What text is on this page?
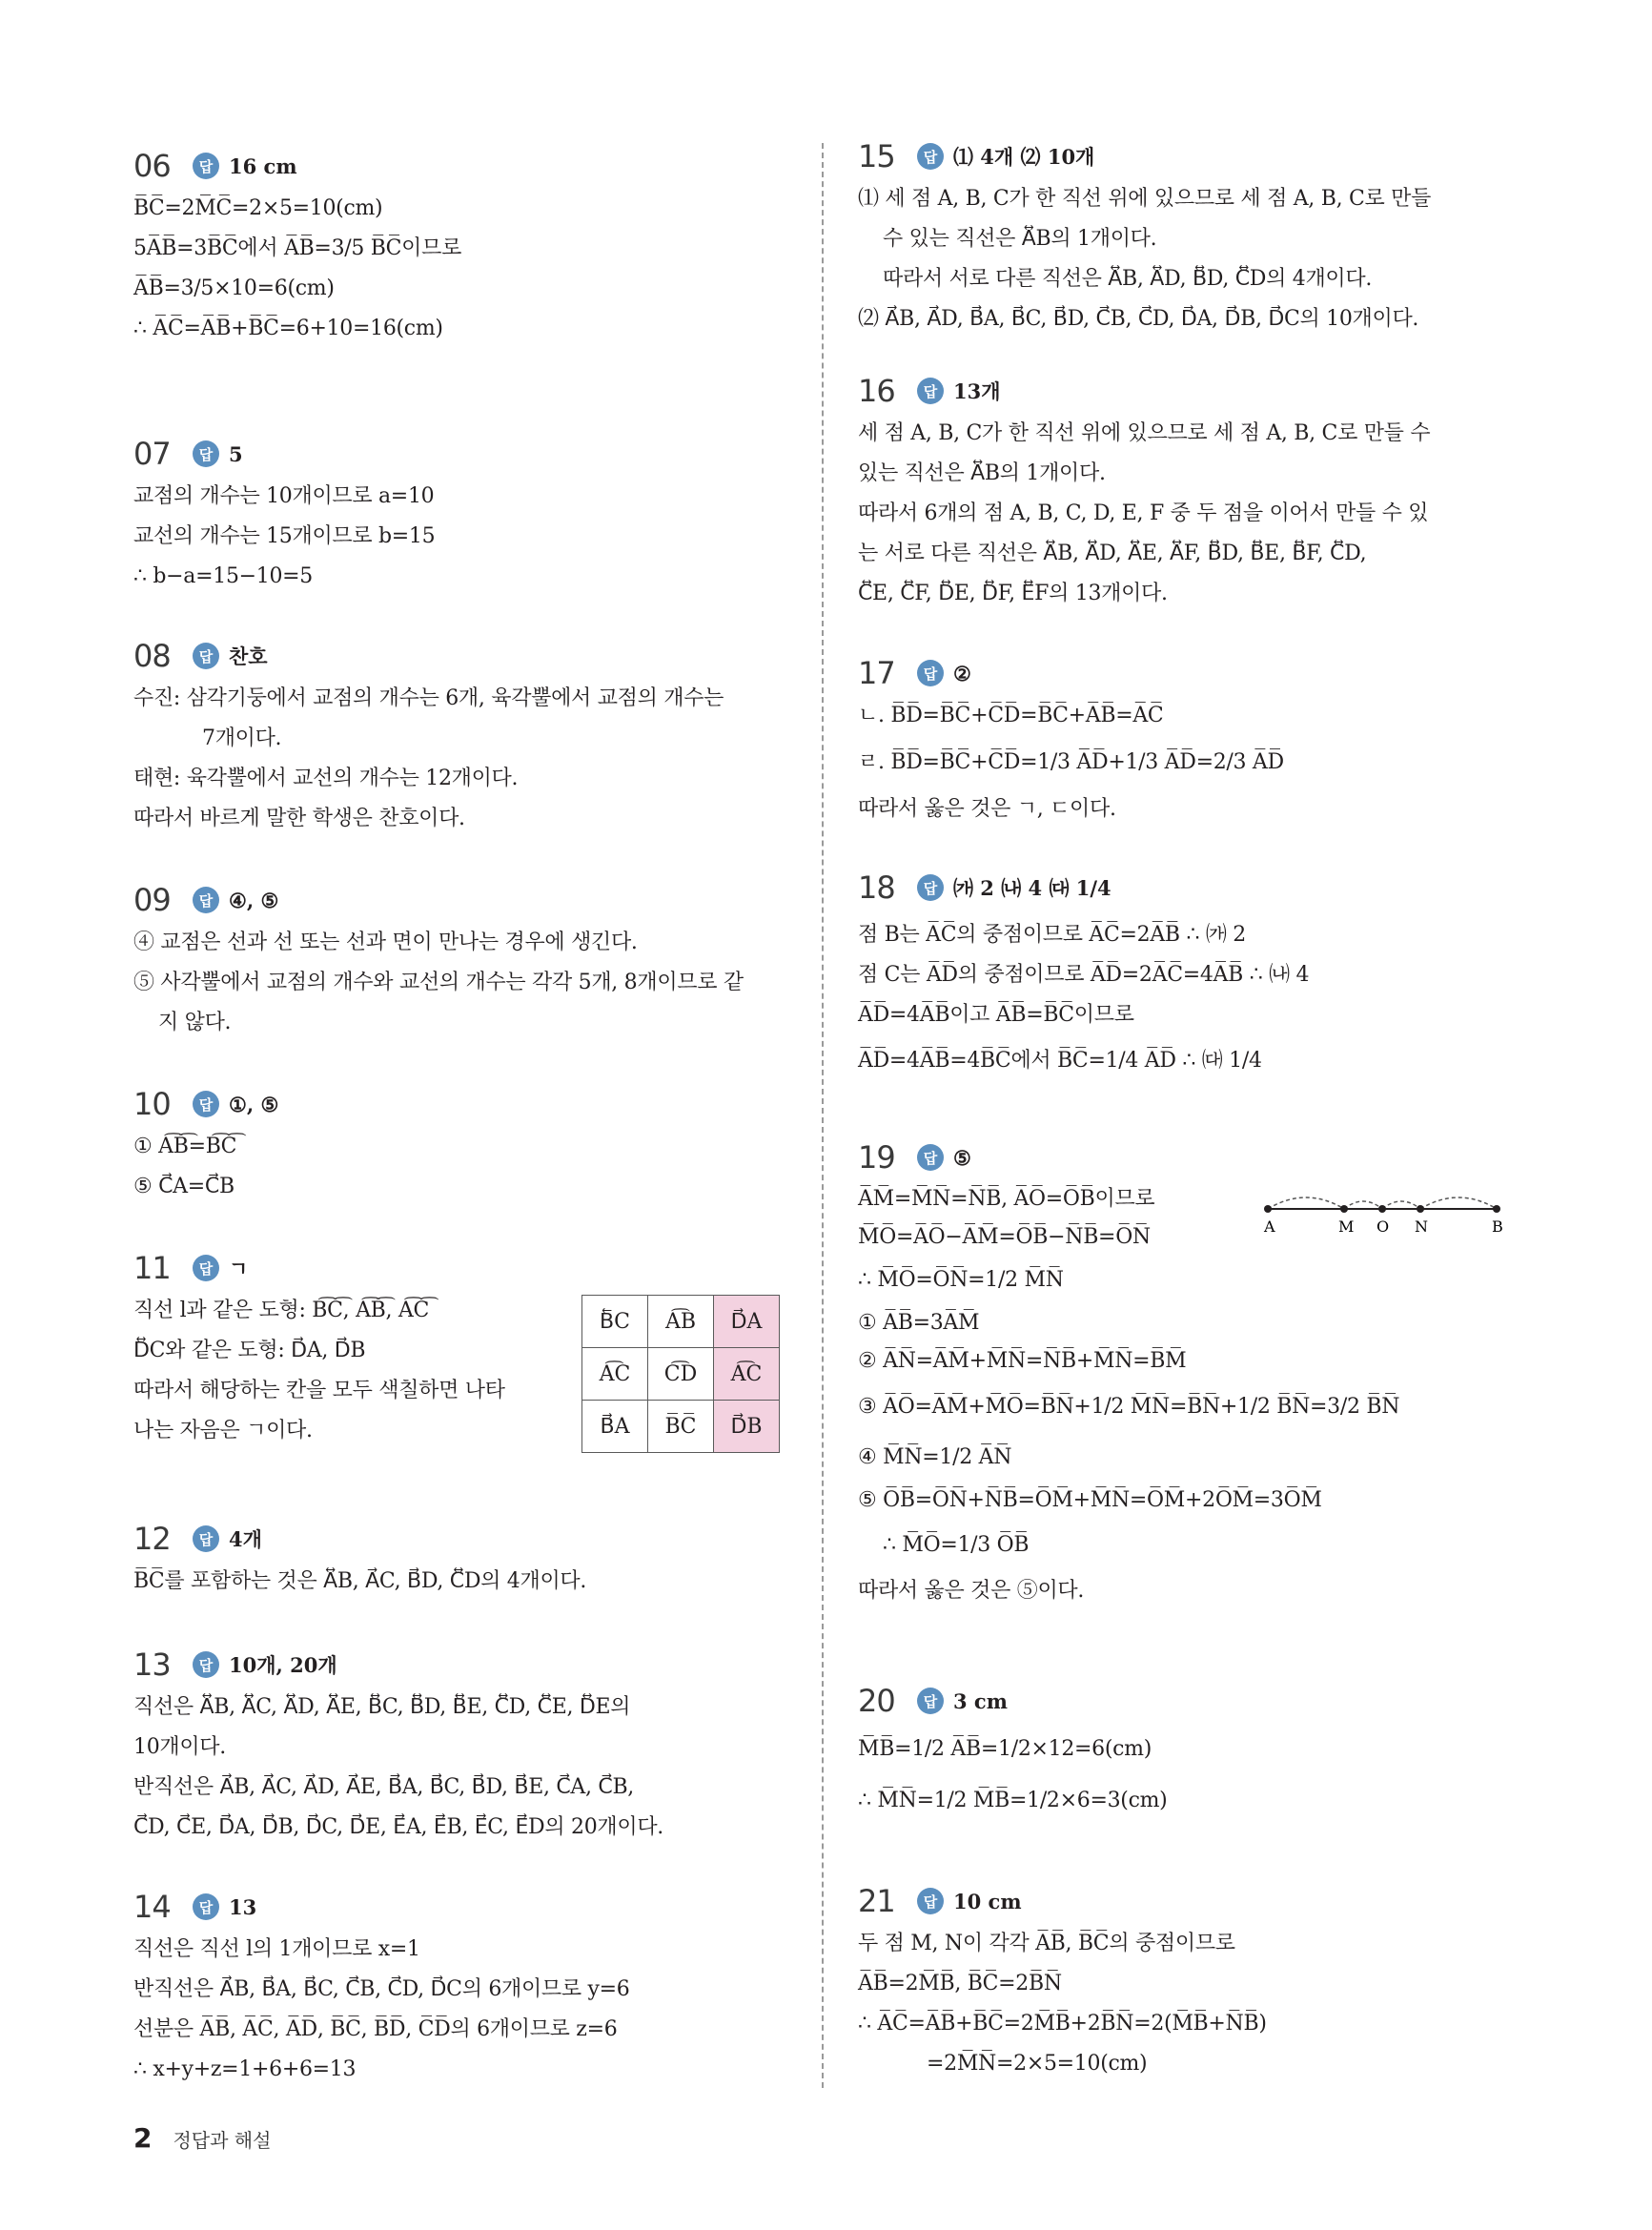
06	답 16 cm
B̅C̅=2M̅C̅=2×5=10(cm)
5A̅B̅=3B̅C̅에서 A̅B̅=3/5 B̅C̅이므로
A̅B̅=3/5×10=6(cm)
∴ A̅C̅=A̅B̅+B̅C̅=6+10=16(cm)
07	답 5
교점의 개수는 10개이므로 a=10
교선의 개수는 15개이므로 b=15
∴ b−a=15−10=5
08	답 찬호
수진: 삼각기둥에서 교점의 개수는 6개, 육각뿔에서 교점의 개수는
7개이다.
태현: 육각뿔에서 교선의 개수는 12개이다.
따라서 바르게 말한 학생은 찬호이다.
09	답 ④, ⑤
④ 교점은 선과 선 또는 선과 면이 만나는 경우에 생긴다.
⑤ 사각뿔에서 교점의 개수와 교선의 개수는 각각 5개, 8개이므로 같
지 않다.
10	답 ①, ⑤
① A͡B͡=B͡C͡
⑤ C⃗A=C⃗B
11	답 ㄱ
직선 l과 같은 도형: B͡C͡, A͡B͡, A͡C͡
D⃡C와 같은 도형: D⃗A, D⃗B
따라서 해당하는 칸을 모두 색칠하면 나타
나는 자음은 ㄱ이다.
B⃖C	A͡B	D⃗A
A͡C	C͡D	A͡C
B⃗A	B̅C̅	D⃗B
12	답 4개
B̅C̅를 포함하는 것은 A⃡B, A⃗C, B⃗D, C⃡D의 4개이다.
13	답 10개, 20개
직선은 A⃡B, A⃡C, A⃡D, A⃡E, B⃡C, B⃡D, B⃡E, C⃡D, C⃡E, D⃡E의
10개이다.
반직선은 A⃗B, A⃗C, A⃗D, A⃗E, B⃗A, B⃗C, B⃗D, B⃗E, C⃗A, C⃗B,
C⃗D, C⃗E, D⃗A, D⃗B, D⃗C, D⃗E, E⃗A, E⃗B, E⃗C, E⃗D의 20개이다.
14	답 13
직선은 직선 l의 1개이므로 x=1
반직선은 A⃗B, B⃗A, B⃗C, C⃗B, C⃗D, D⃗C의 6개이므로 y=6
선분은 A̅B̅, A̅C̅, A̅D̅, B̅C̅, B̅D̅, C̅D̅의 6개이므로 z=6
∴ x+y+z=1+6+6=13
15	답 ⑴ 4개 ⑵ 10개
⑴ 세 점 A, B, C가 한 직선 위에 있으므로 세 점 A, B, C로 만들
수 있는 직선은 A⃡B의 1개이다.
따라서 서로 다른 직선은 A⃡B, A⃡D, B⃡D, C⃡D의 4개이다.
⑵ A⃗B, A⃗D, B⃗A, B⃗C, B⃗D, C⃗B, C⃗D, D⃗A, D⃗B, D⃗C의 10개이다.
16	답 13개
세 점 A, B, C가 한 직선 위에 있으므로 세 점 A, B, C로 만들 수
있는 직선은 A⃡B의 1개이다.
따라서 6개의 점 A, B, C, D, E, F 중 두 점을 이어서 만들 수 있
는 서로 다른 직선은 A⃡B, A⃡D, A⃡E, A⃡F, B⃡D, B⃡E, B⃡F, C⃡D,
C⃡E, C⃡F, D⃡E, D⃡F, E⃡F의 13개이다.
17	답 ②
ㄴ. B̅D̅=B̅C̅+C̅D̅=B̅C̅+A̅B̅=A̅C̅
ㄹ. B̅D̅=B̅C̅+C̅D̅=1/3 A̅D̅+1/3 A̅D̅=2/3 A̅D̅
따라서 옳은 것은 ㄱ, ㄷ이다.
18	답 ㈎ 2 ㈏ 4 ㈐ 1/4
점 B는 A̅C̅의 중점이므로 A̅C̅=2A̅B̅ ∴ ㈎ 2
점 C는 A̅D̅의 중점이므로 A̅D̅=2A̅C̅=4A̅B̅ ∴ ㈏ 4
A̅D̅=4A̅B̅이고 A̅B̅=B̅C̅이므로
A̅D̅=4A̅B̅=4B̅C̅에서 B̅C̅=1/4 A̅D̅ ∴ ㈐ 1/4
19	답 ⑤
A̅M̅=M̅N̅=N̅B̅, A̅O̅=O̅B̅이므로
M̅O̅=A̅O̅−A̅M̅=O̅B̅−N̅B̅=O̅N̅
∴ M̅O̅=O̅N̅=1/2 M̅N̅
① A̅B̅=3A̅M̅
② A̅N̅=A̅M̅+M̅N̅=N̅B̅+M̅N̅=B̅M̅
③ A̅O̅=A̅M̅+M̅O̅=B̅N̅+1/2 M̅N̅=B̅N̅+1/2 B̅N̅=3/2 B̅N̅
④ M̅N̅=1/2 A̅N̅
⑤ O̅B̅=O̅N̅+N̅B̅=O̅M̅+M̅N̅=O̅M̅+2O̅M̅=3O̅M̅
∴ M̅O̅=1/3 O̅B̅
따라서 옳은 것은 ⑤이다.
A	M O N	B
20	답 3 cm
M̅B̅=1/2 A̅B̅=1/2×12=6(cm)
∴ M̅N̅=1/2 M̅B̅=1/2×6=3(cm)
21	답 10 cm
두 점 M, N이 각각 A̅B̅, B̅C̅의 중점이므로
A̅B̅=2M̅B̅, B̅C̅=2B̅N̅
∴ A̅C̅=A̅B̅+B̅C̅=2M̅B̅+2B̅N̅=2(M̅B̅+N̅B̅)
=2M̅N̅=2×5=10(cm)
2 정답과 해설
